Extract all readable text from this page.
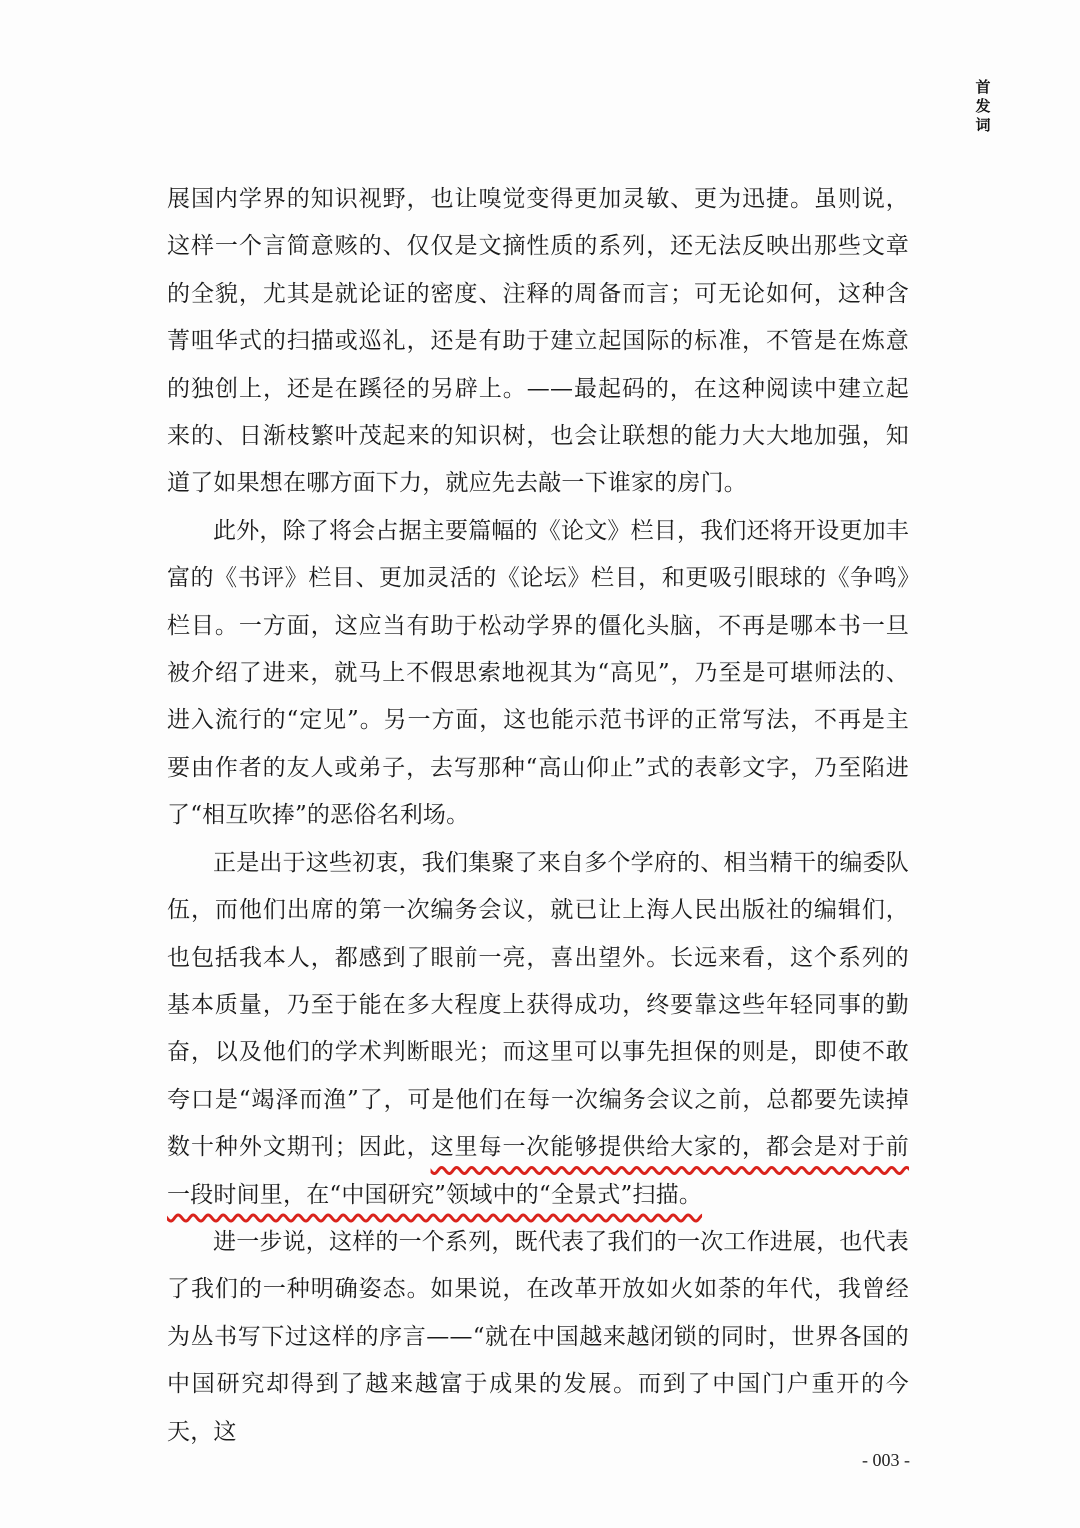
首
发
词

展国内学界的知识视野，也让嗅觉变得更加灵敏、更为迅捷。虽则说，这样一个言简意赅的、仅仅是文摘性质的系列，还无法反映出那些文章的全貌，尤其是就论证的密度、注释的周备而言；可无论如何，这种含菁咀华式的扫描或巡礼，还是有助于建立起国际的标准，不管是在炼意的独创上，还是在蹊径的另辟上。——最起码的，在这种阅读中建立起来的、日渐枝繁叶茂起来的知识树，也会让联想的能力大大地加强，知道了如果想在哪方面下力，就应先去敲一下谁家的房门。

此外，除了将会占据主要篇幅的《论文》栏目，我们还将开设更加丰富的《书评》栏目、更加灵活的《论坛》栏目，和更吸引眼球的《争鸣》栏目。一方面，这应当有助于松动学界的僵化头脑，不再是哪本书一旦被介绍了进来，就马上不假思索地视其为“高见”，乃至是可堪师法的、进入流行的“定见”。另一方面，这也能示范书评的正常写法，不再是主要由作者的友人或弟子，去写那种“高山仰止”式的表彰文字，乃至陷进了“相互吹捧”的恶俗名利场。

正是出于这些初衷，我们集聚了来自多个学府的、相当精干的编委队伍，而他们出席的第一次编务会议，就已让上海人民出版社的编辑们，也包括我本人，都感到了眼前一亮，喜出望外。长远来看，这个系列的基本质量，乃至于能在多大程度上获得成功，终要靠这些年轻同事的勤奋，以及他们的学术判断眼光；而这里可以事先担保的则是，即使不敢夸口是“竭泽而渔”了，可是他们在每一次编务会议之前，总都要先读掉数十种外文期刊；因此，这里每一次能够提供给大家的，都会是对于前一段时间里，在“中国研究”领域中的“全景式”扫描。

进一步说，这样的一个系列，既代表了我们的一次工作进展，也代表了我们的一种明确姿态。如果说，在改革开放如火如荼的年代，我曾经为丛书写下过这样的序言——“就在中国越来越闭锁的同时，世界各国的中国研究却得到了越来越富于成果的发展。而到了中国门户重开的今天，这

- 003 -
